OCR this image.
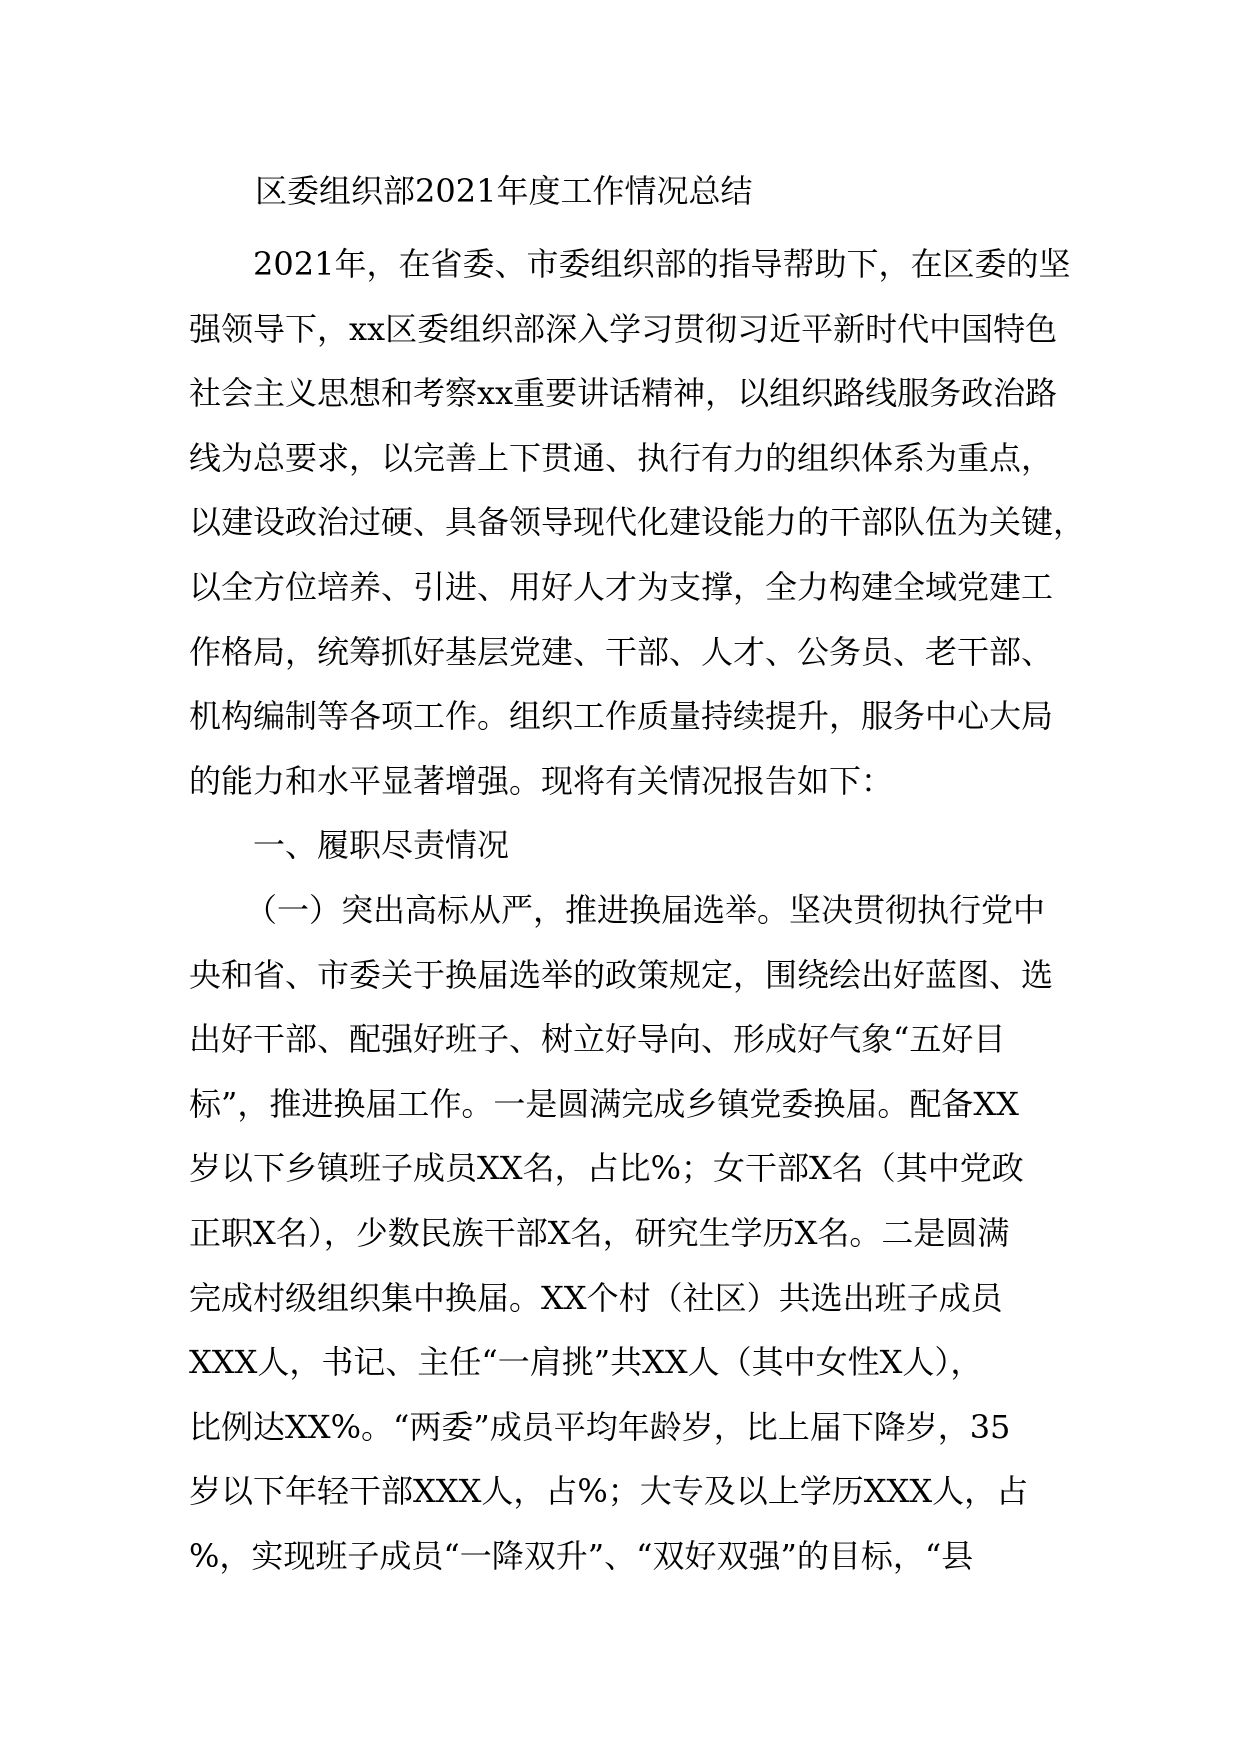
区委组织部2021年度工作情况总结

2021年，在省委、市委组织部的指导帮助下，在区委的坚

强领导下，xx区委组织部深入学习贯彻习近平新时代中国特色

社会主义思想和考察xx重要讲话精神，以组织路线服务政治路

线为总要求，以完善上下贯通、执行有力的组织体系为重点，

以建设政治过硬、具备领导现代化建设能力的干部队伍为关键，

以全方位培养、引进、用好人才为支撑，全力构建全域党建工

作格局，统筹抓好基层党建、干部、人才、公务员、老干部、

机构编制等各项工作。组织工作质量持续提升，服务中心大局

的能力和水平显著增强。现将有关情况报告如下：

一、履职尽责情况

（一）突出高标从严，推进换届选举。坚决贯彻执行党中

央和省、市委关于换届选举的政策规定，围绕绘出好蓝图、选

出好干部、配强好班子、树立好导向、形成好气象“五好目

标”，推进换届工作。一是圆满完成乡镇党委换届。配备XX

岁以下乡镇班子成员XX名，占比%；女干部X名（其中党政

正职X名），少数民族干部X名，研究生学历X名。二是圆满

完成村级组织集中换届。XX个村（社区）共选出班子成员

XXX人，书记、主任“一肩挑”共XX人（其中女性X人），

比例达XX%。“两委”成员平均年龄岁，比上届下降岁，35

岁以下年轻干部XXX人，占%；大专及以上学历XXX人，占

%，实现班子成员“一降双升”、“双好双强”的目标，“县
